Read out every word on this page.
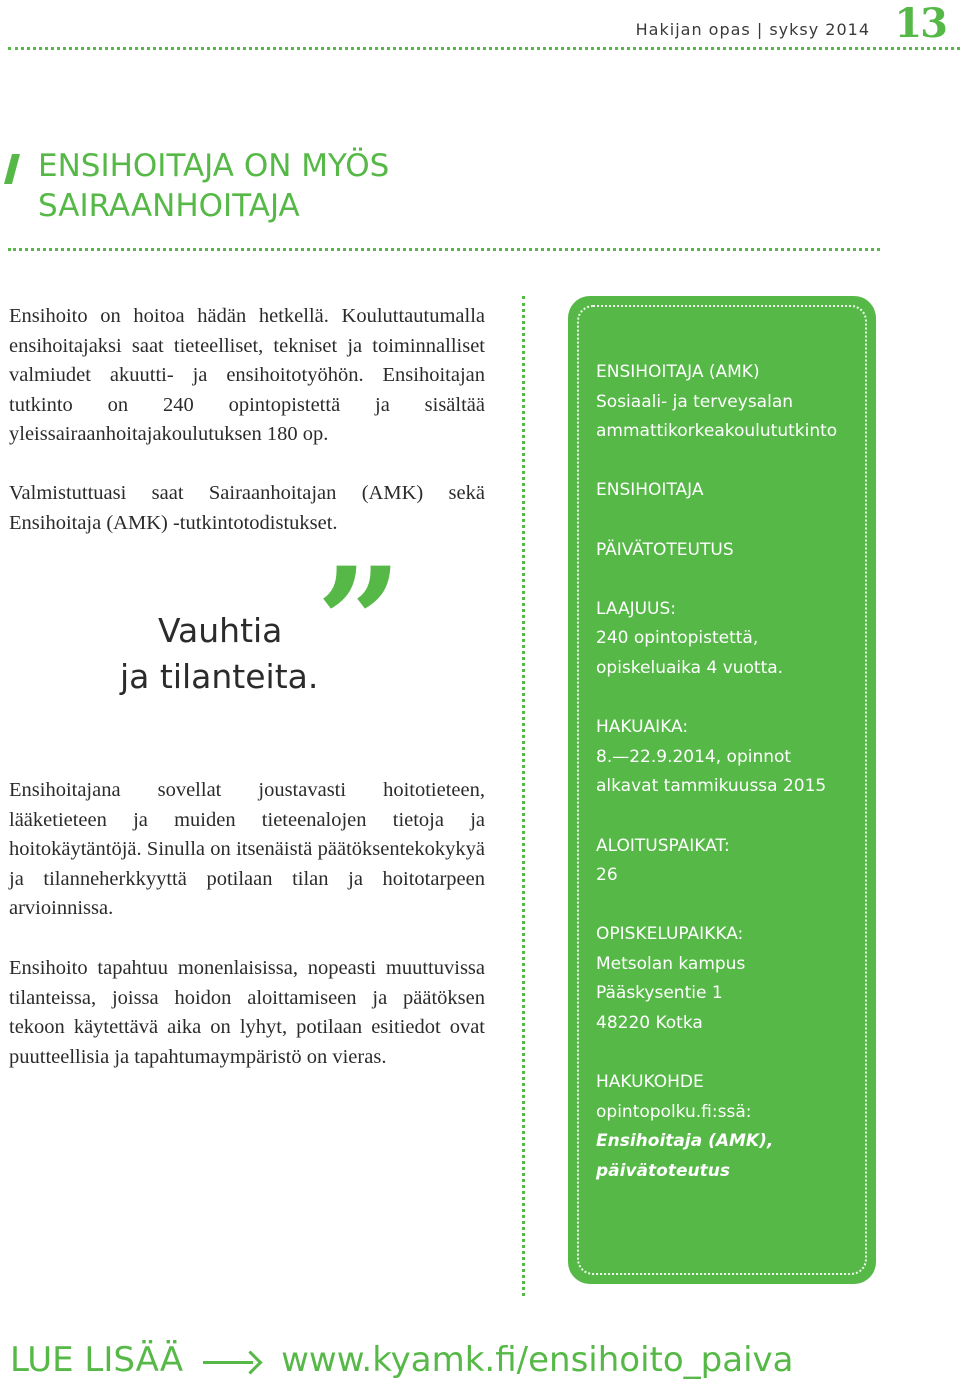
Hakijan opas | syksy 2014 13
ENSIHOITAJA ON MYÖS
SAIRAANHOITAJA

Ensihoito on hoitoa hädän hetkellä. Kouluttautumalla ensihoitajaksi saat tieteelliset, tekniset ja toiminnalliset valmiudet akuutti- ja ensihoitotyöhön. Ensihoitajan tutkinto on 240 opintopistettä ja sisältää yleissairaanhoitajakoulutuksen 180 op.

Valmistuttuasi saat Sairaanhoitajan (AMK) sekä Ensihoitaja (AMK) -tutkintotodistukset.

Vauhtia
ja tilanteita.
”

Ensihoitajana sovellat joustavasti hoitotieteen, lääketieteen ja muiden tieteenalojen tietoja ja hoitokäytäntöjä. Sinulla on itsenäistä päätöksentekokykyä ja tilanneherkkyyttä potilaan tilan ja hoitotarpeen arvioinnissa.

Ensihoito tapahtuu monenlaisissa, nopeasti muuttuvissa tilanteissa, joissa hoidon aloittamiseen ja päätöksen tekoon käytettävä aika on lyhyt, potilaan esitiedot ovat puutteellisia ja tapahtumaympäristö on vieras.

ENSIHOITAJA (AMK)
Sosiaali- ja terveysalan
ammattikorkeakoulututkinto
ENSIHOITAJA
PÄIVÄTOTEUTUS
LAAJUUS:
240 opintopistettä,
opiskeluaika 4 vuotta.
HAKUAIKA:
8.—22.9.2014, opinnot
alkavat tammikuussa 2015
ALOITUSPAIKAT:
26
OPISKELUPAIKKA:
Metsolan kampus
Pääskysentie 1
48220 Kotka
HAKUKOHDE
opintopolku.fi:ssä:
Ensihoitaja (AMK),
päivätoteutus
LUE LISÄÄ	www.kyamk.fi/ensihoito_paiva
